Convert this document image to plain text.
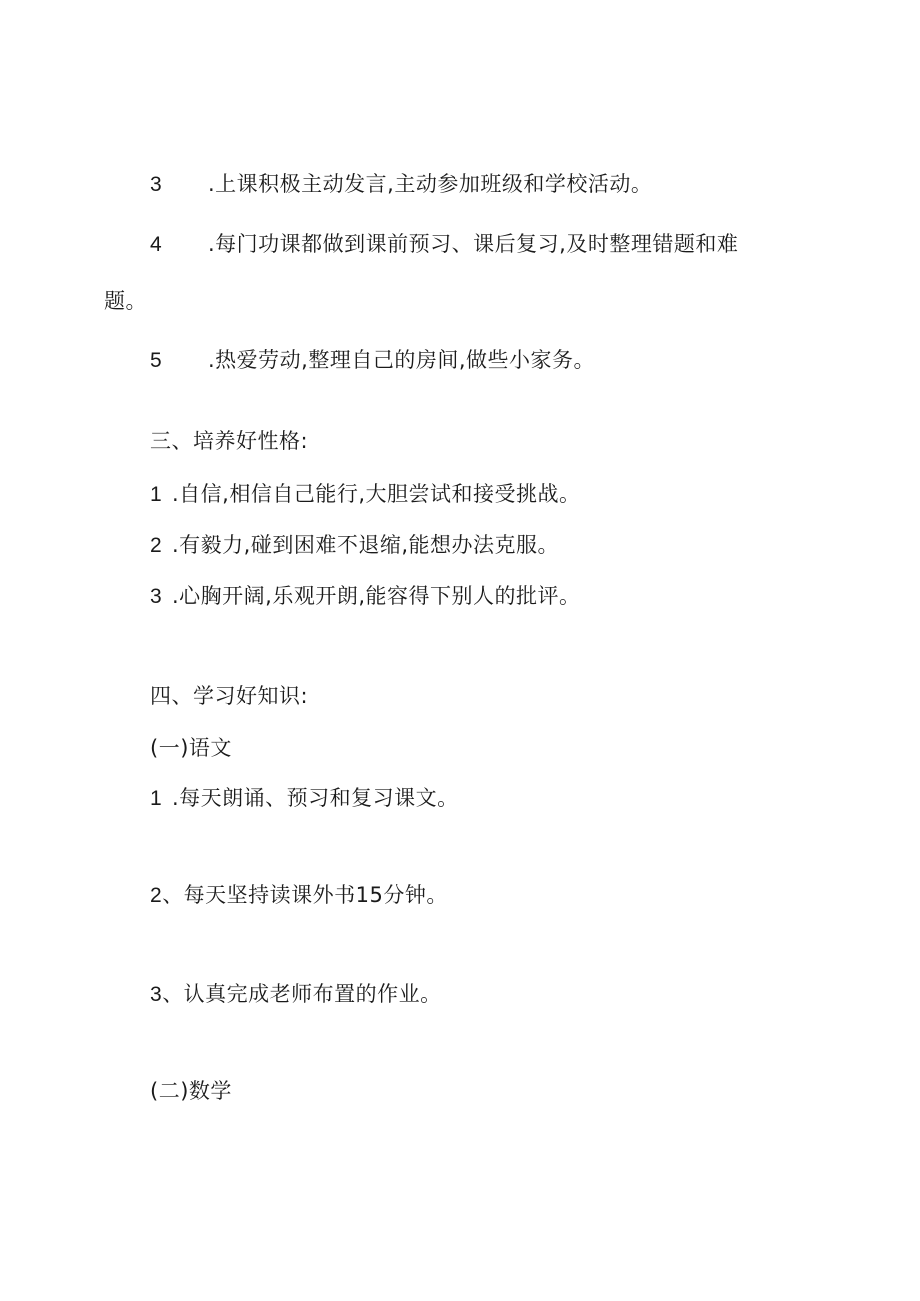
3 .上课积极主动发言,主动参加班级和学校活动。
4 .每门功课都做到课前预习、课后复习,及时整理错题和难
题。
5 .热爱劳动,整理自己的房间,做些小家务。
三、培养好性格:
1 .自信,相信自己能行,大胆尝试和接受挑战。
2 .有毅力,碰到困难不退缩,能想办法克服。
3 .心胸开阔,乐观开朗,能容得下别人的批评。
四、学习好知识:
(一)语文
1 .每天朗诵、预习和复习课文。
2、每天坚持读课外书15分钟。
3、认真完成老师布置的作业。
(二)数学
